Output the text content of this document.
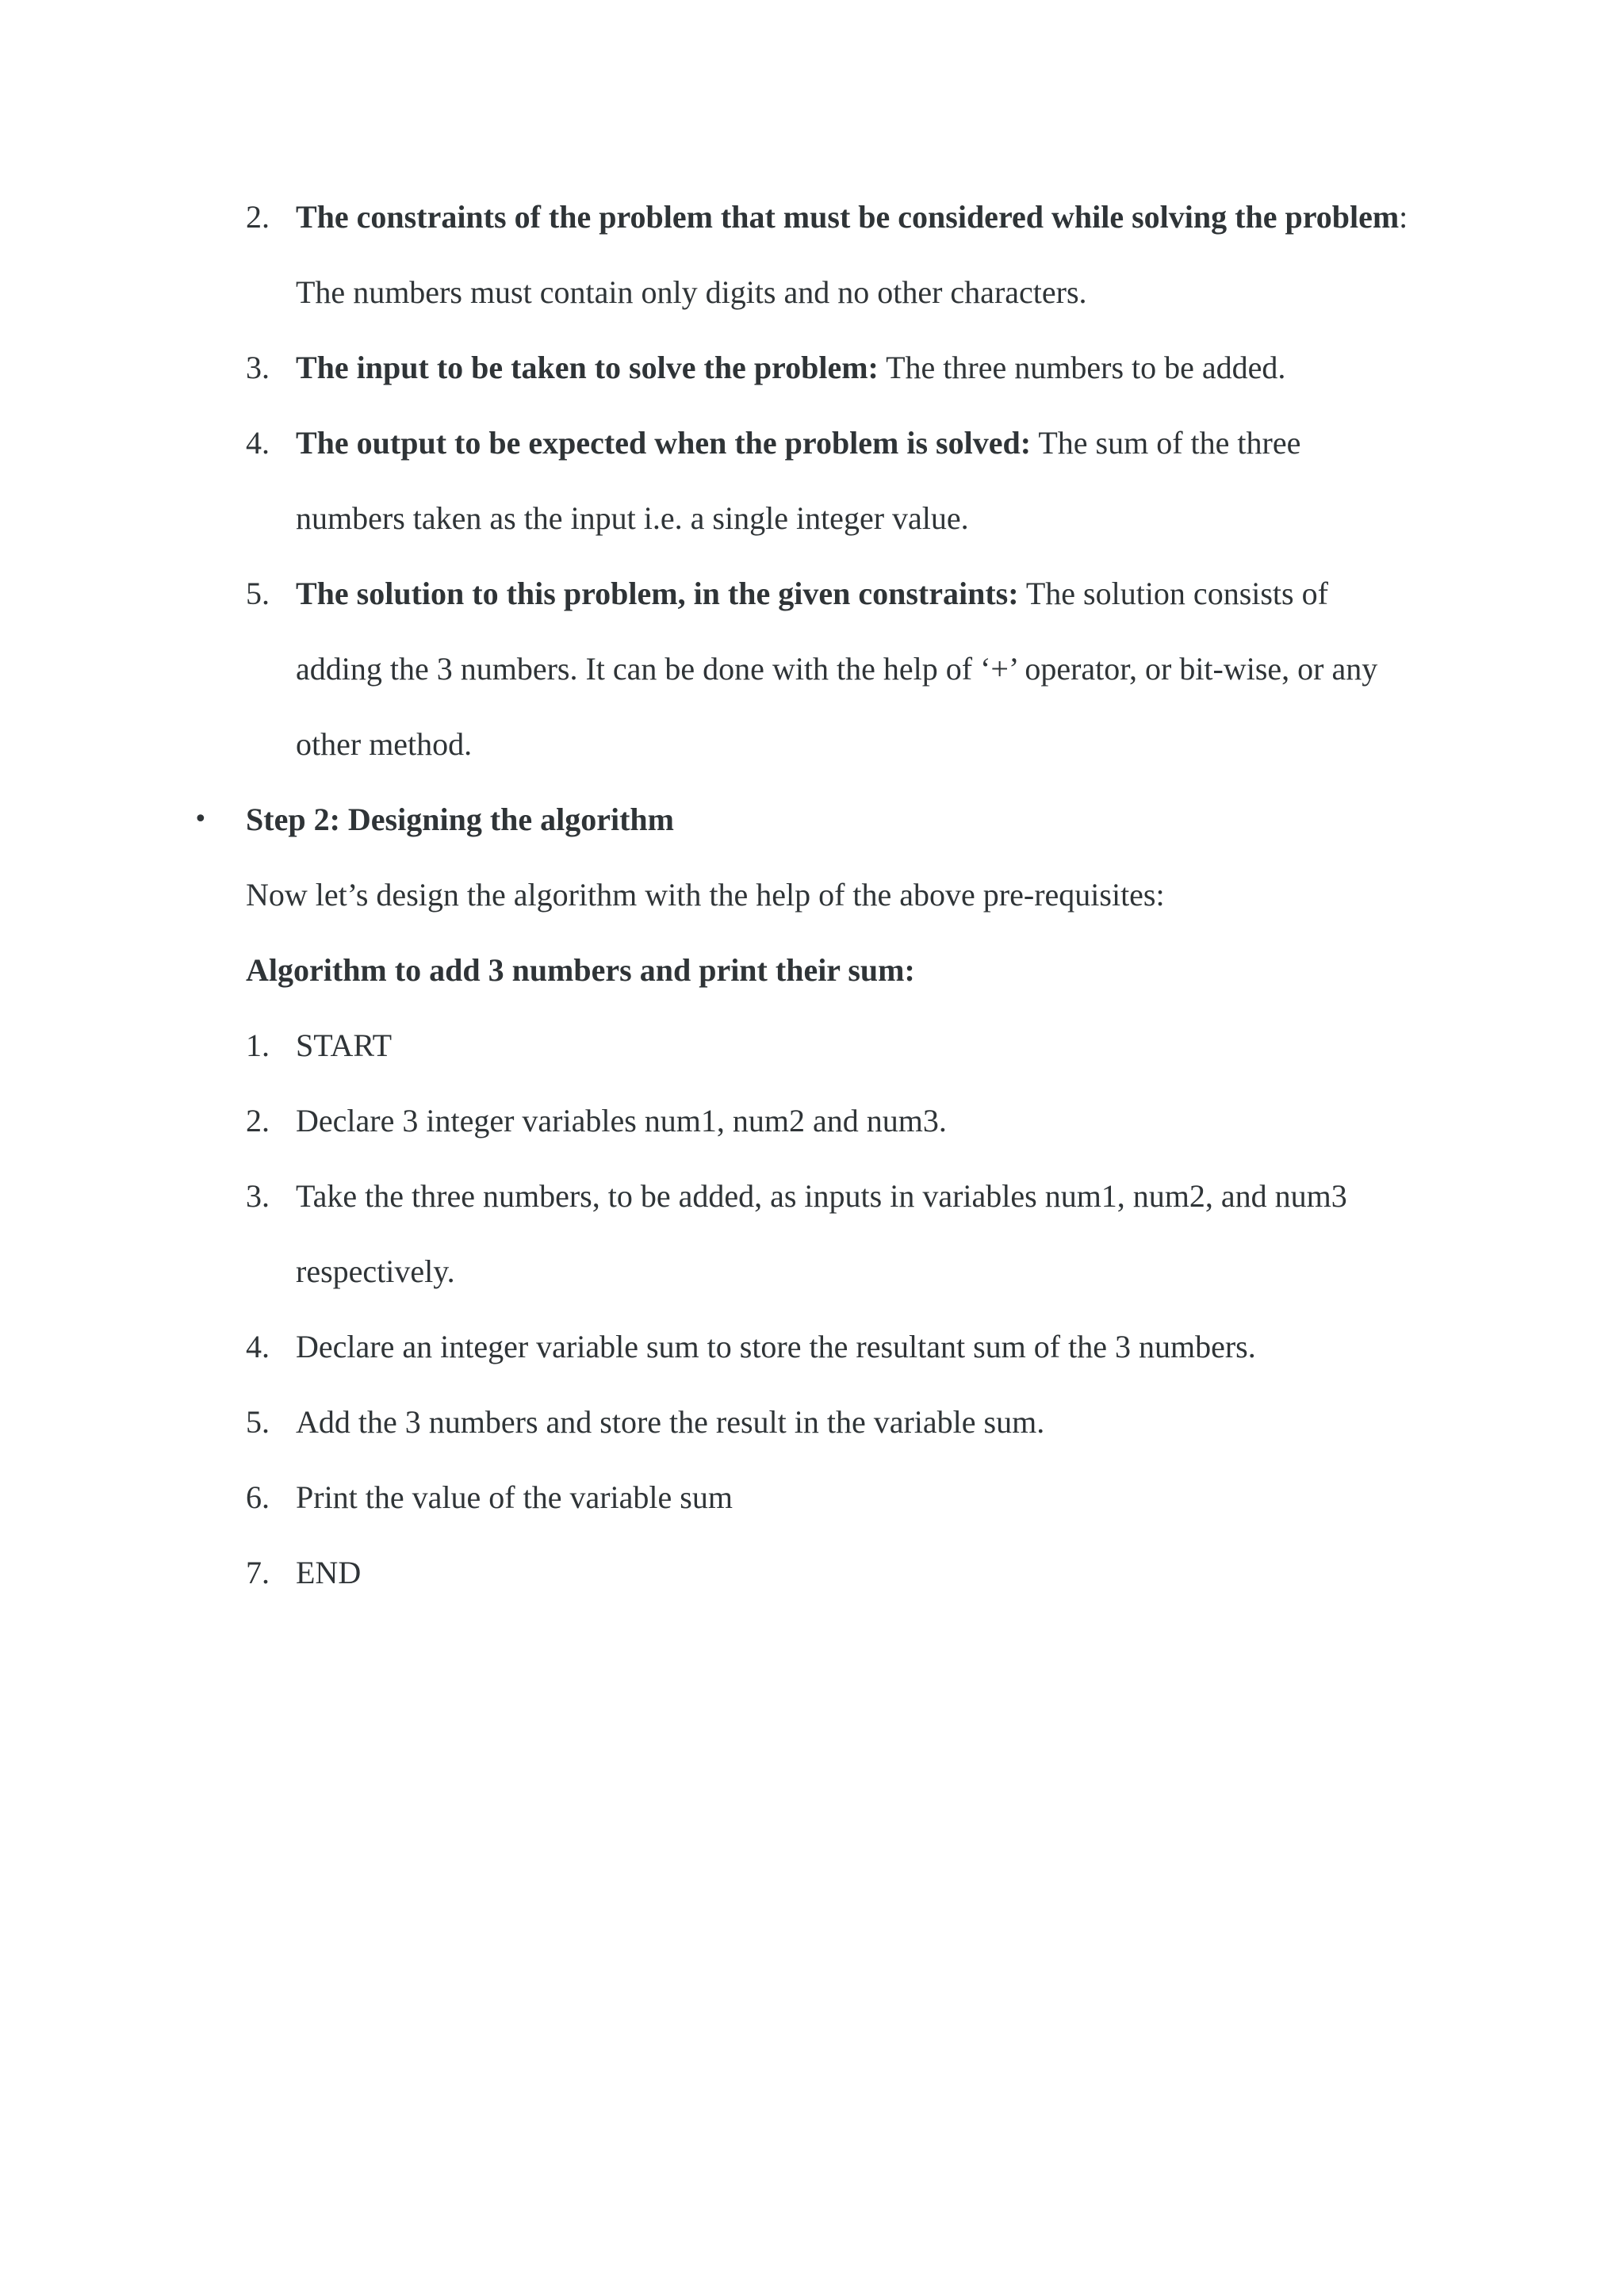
2. The constraints of the problem that must be considered while solving the problem: The numbers must contain only digits and no other characters.
3. The input to be taken to solve the problem: The three numbers to be added.
4. The output to be expected when the problem is solved: The sum of the three numbers taken as the input i.e. a single integer value.
5. The solution to this problem, in the given constraints: The solution consists of adding the 3 numbers. It can be done with the help of ‘+’ operator, or bit-wise, or any other method.
• Step 2: Designing the algorithm
Now let’s design the algorithm with the help of the above pre-requisites:
Algorithm to add 3 numbers and print their sum:
1. START
2. Declare 3 integer variables num1, num2 and num3.
3. Take the three numbers, to be added, as inputs in variables num1, num2, and num3 respectively.
4. Declare an integer variable sum to store the resultant sum of the 3 numbers.
5. Add the 3 numbers and store the result in the variable sum.
6. Print the value of the variable sum
7. END
